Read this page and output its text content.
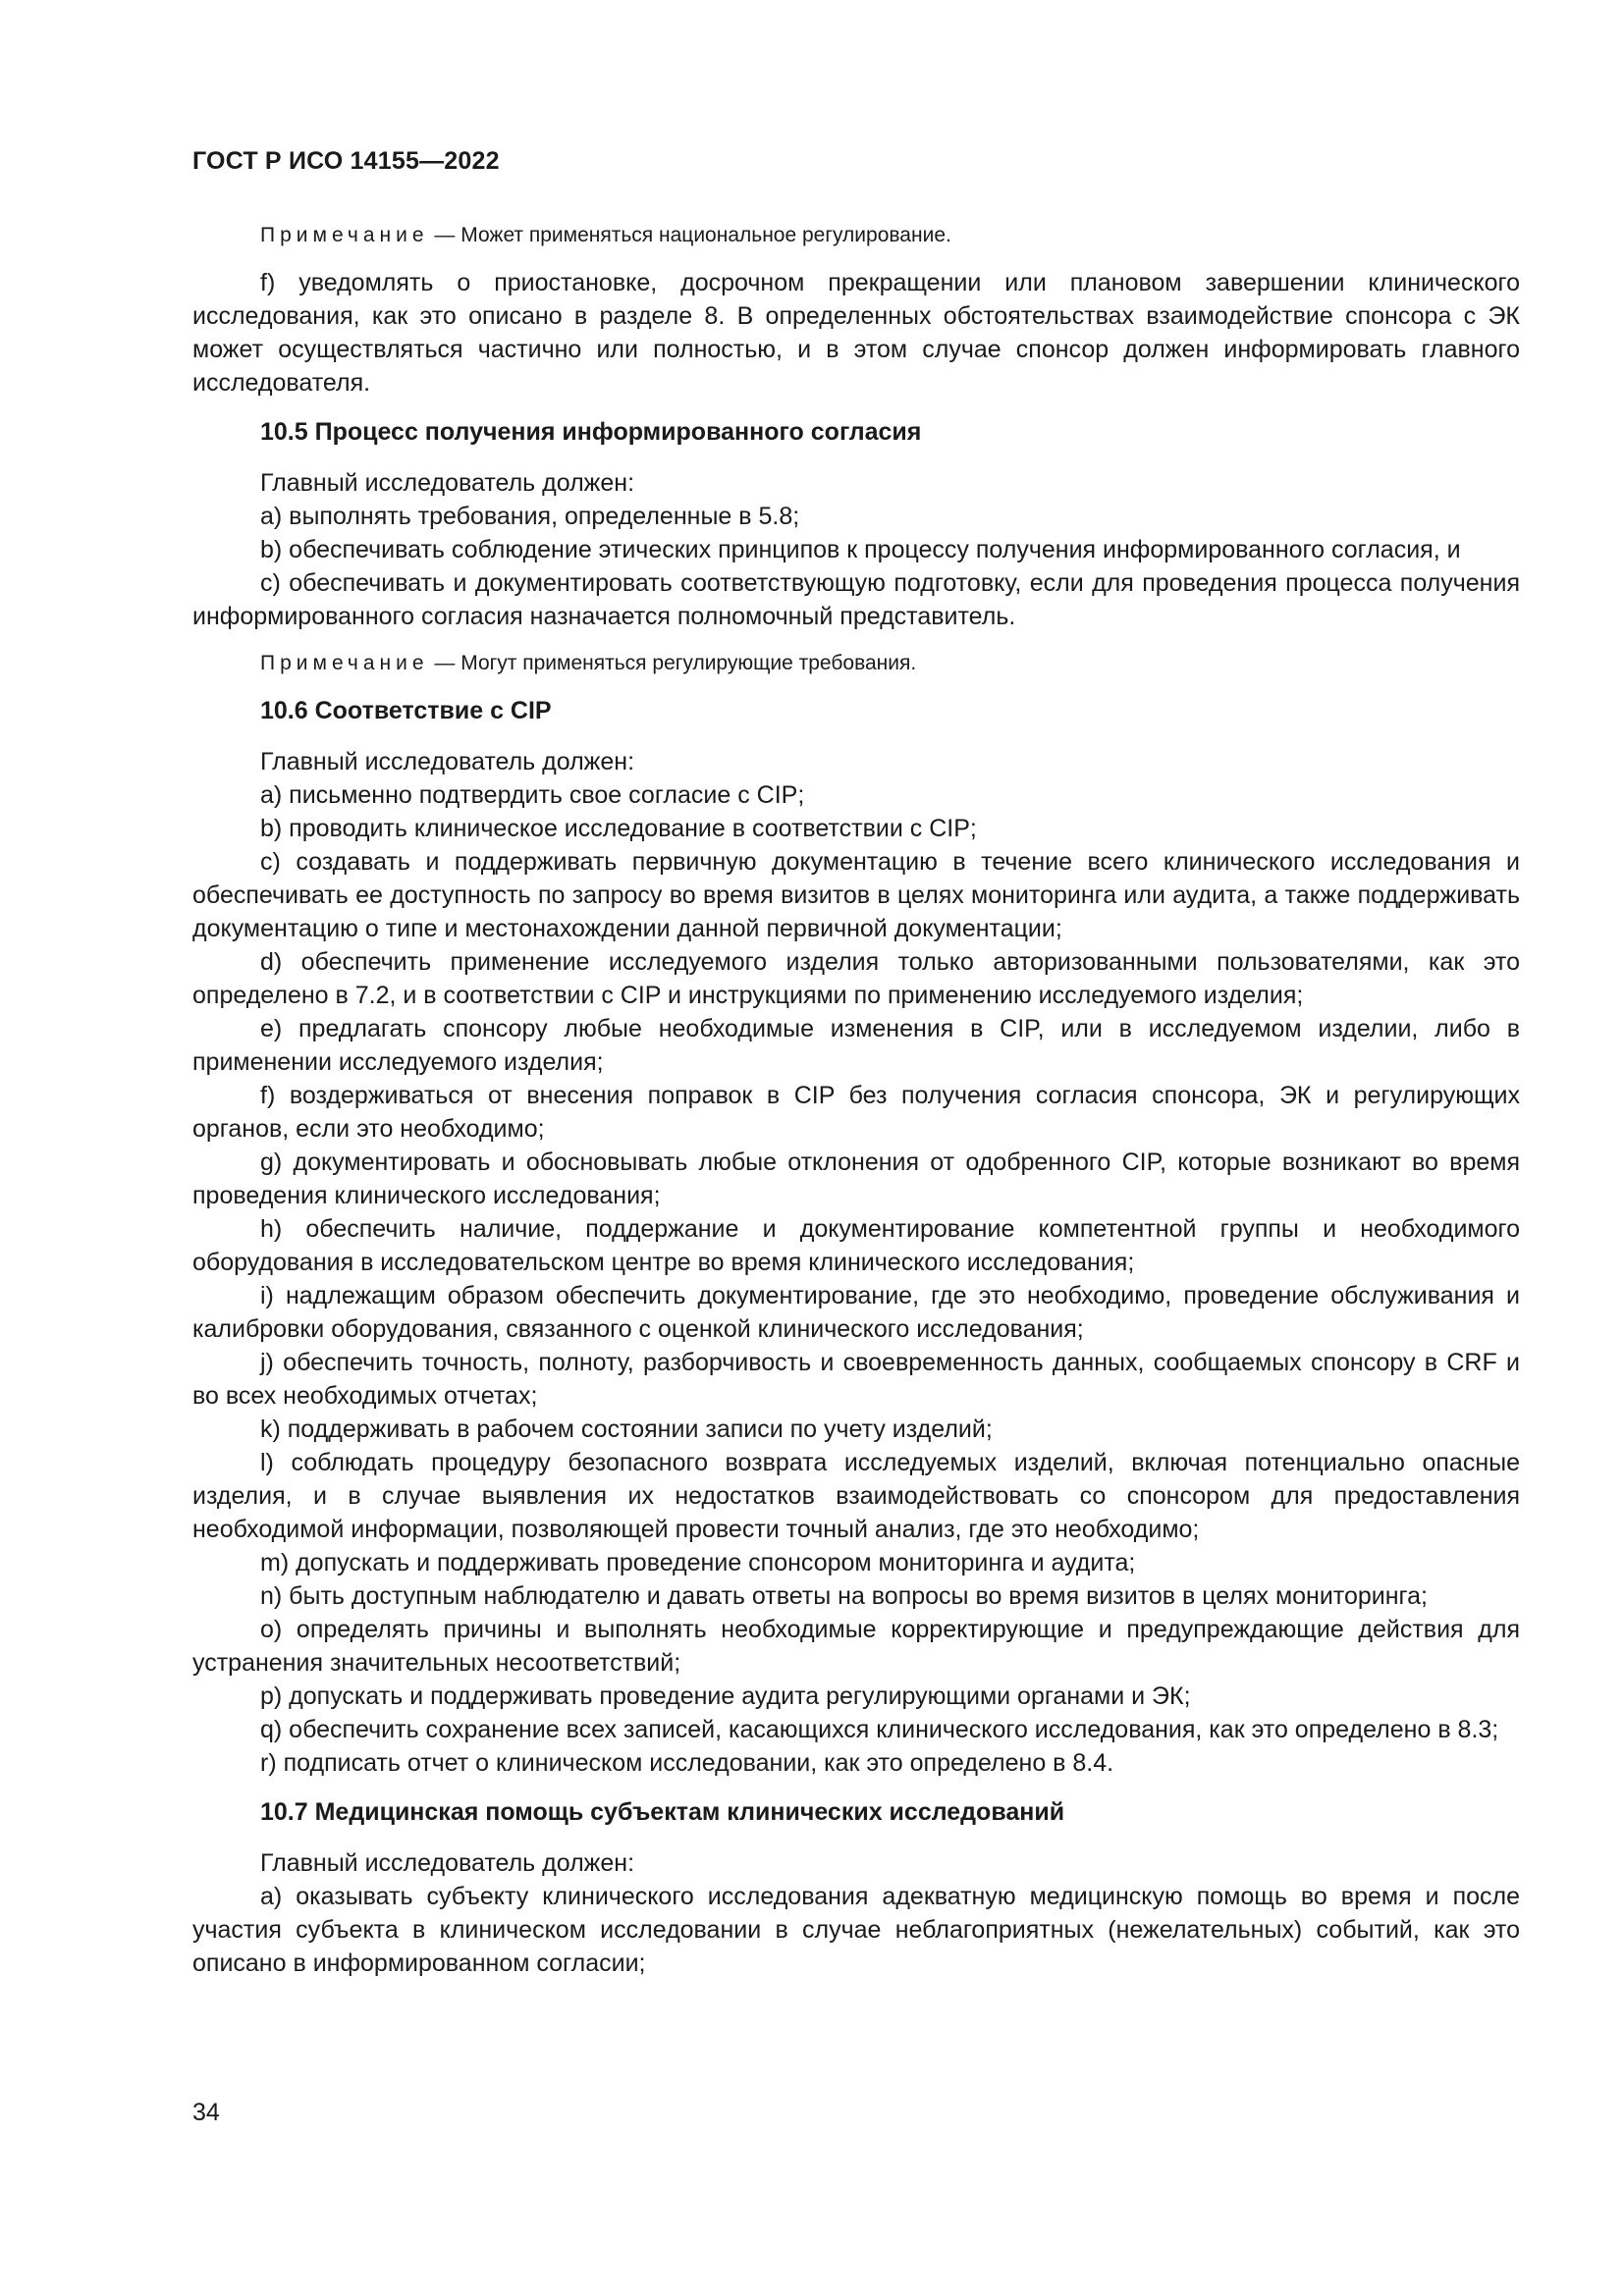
ГОСТ Р ИСО 14155—2022

Примечание — Может применяться национальное регулирование.

f) уведомлять о приостановке, досрочном прекращении или плановом завершении клинического исследования, как это описано в разделе 8. В определенных обстоятельствах взаимодействие спонсора с ЭК может осуществляться частично или полностью, и в этом случае спонсор должен информировать главного исследователя.

10.5 Процесс получения информированного согласия

Главный исследователь должен:

a) выполнять требования, определенные в 5.8;

b) обеспечивать соблюдение этических принципов к процессу получения информированного согласия, и

c) обеспечивать и документировать соответствующую подготовку, если для проведения процесса получения информированного согласия назначается полномочный представитель.

Примечание — Могут применяться регулирующие требования.

10.6 Соответствие с CIP

Главный исследователь должен:

a) письменно подтвердить свое согласие с CIP;

b) проводить клиническое исследование в соответствии с CIP;

c) создавать и поддерживать первичную документацию в течение всего клинического исследования и обеспечивать ее доступность по запросу во время визитов в целях мониторинга или аудита, а также поддерживать документацию о типе и местонахождении данной первичной документации;

d) обеспечить применение исследуемого изделия только авторизованными пользователями, как это определено в 7.2, и в соответствии с CIP и инструкциями по применению исследуемого изделия;

e) предлагать спонсору любые необходимые изменения в CIP, или в исследуемом изделии, либо в применении исследуемого изделия;

f) воздерживаться от внесения поправок в CIP без получения согласия спонсора, ЭК и регулирующих органов, если это необходимо;

g) документировать и обосновывать любые отклонения от одобренного CIP, которые возникают во время проведения клинического исследования;

h) обеспечить наличие, поддержание и документирование компетентной группы и необходимого оборудования в исследовательском центре во время клинического исследования;

i) надлежащим образом обеспечить документирование, где это необходимо, проведение обслуживания и калибровки оборудования, связанного с оценкой клинического исследования;

j) обеспечить точность, полноту, разборчивость и своевременность данных, сообщаемых спонсору в CRF и во всех необходимых отчетах;

k) поддерживать в рабочем состоянии записи по учету изделий;

l) соблюдать процедуру безопасного возврата исследуемых изделий, включая потенциально опасные изделия, и в случае выявления их недостатков взаимодействовать со спонсором для предоставления необходимой информации, позволяющей провести точный анализ, где это необходимо;

m) допускать и поддерживать проведение спонсором мониторинга и аудита;

n) быть доступным наблюдателю и давать ответы на вопросы во время визитов в целях мониторинга;

o) определять причины и выполнять необходимые корректирующие и предупреждающие действия для устранения значительных несоответствий;

p) допускать и поддерживать проведение аудита регулирующими органами и ЭК;

q) обеспечить сохранение всех записей, касающихся клинического исследования, как это определено в 8.3;

r) подписать отчет о клиническом исследовании, как это определено в 8.4.

10.7 Медицинская помощь субъектам клинических исследований

Главный исследователь должен:

a) оказывать субъекту клинического исследования адекватную медицинскую помощь во время и после участия субъекта в клиническом исследовании в случае неблагоприятных (нежелательных) событий, как это описано в информированном согласии;

34
